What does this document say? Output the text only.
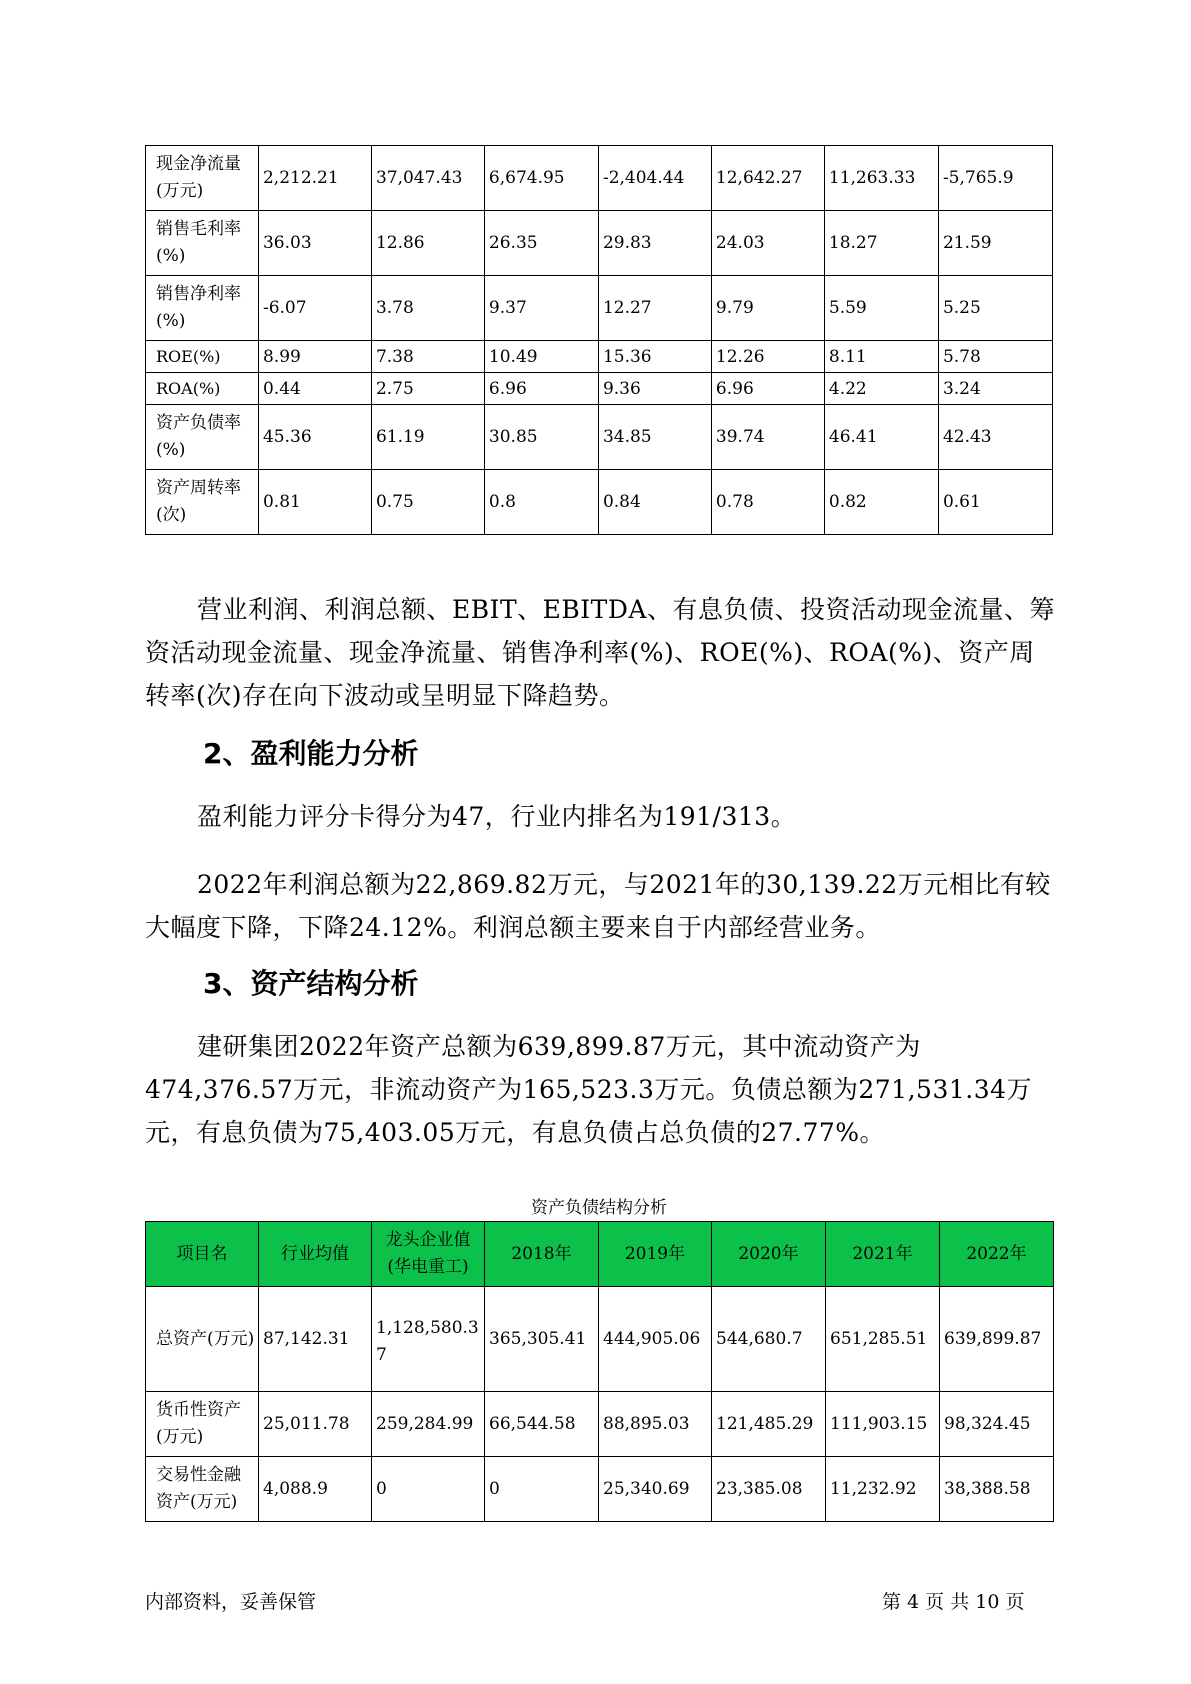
现金净流量(万元)	2,212.21	37,047.43	6,674.95	-2,404.44	12,642.27	11,263.33	-5,765.9
销售毛利率(%)	36.03	12.86	26.35	29.83	24.03	18.27	21.59
销售净利率(%)	-6.07	3.78	9.37	12.27	9.79	5.59	5.25
ROE(%)	8.99	7.38	10.49	15.36	12.26	8.11	5.78
ROA(%)	0.44	2.75	6.96	9.36	6.96	4.22	3.24
资产负债率(%)	45.36	61.19	30.85	34.85	39.74	46.41	42.43
资产周转率(次)	0.81	0.75	0.8	0.84	0.78	0.82	0.61

营业利润、利润总额、EBIT、EBITDA、有息负债、投资活动现金流量、筹资活动现金流量、现金净流量、销售净利率(%)、ROE(%)、ROA(%)、资产周转率(次)存在向下波动或呈明显下降趋势。

2、盈利能力分析

盈利能力评分卡得分为47，行业内排名为191/313。

2022年利润总额为22,869.82万元，与2021年的30,139.22万元相比有较大幅度下降，下降24.12%。利润总额主要来自于内部经营业务。

3、资产结构分析

建研集团2022年资产总额为639,899.87万元，其中流动资产为474,376.57万元，非流动资产为165,523.3万元。负债总额为271,531.34万元，有息负债为75,403.05万元，有息负债占总负债的27.77%。

资产负债结构分析
项目名	行业均值	龙头企业值(华电重工)	2018年	2019年	2020年	2021年	2022年
总资产(万元)	87,142.31	1,128,580.37	365,305.41	444,905.06	544,680.7	651,285.51	639,899.87
货币性资产(万元)	25,011.78	259,284.99	66,544.58	88,895.03	121,485.29	111,903.15	98,324.45
交易性金融资产(万元)	4,088.9	0	0	25,340.69	23,385.08	11,232.92	38,388.58
内部资料，妥善保管	第 4 页 共 10 页
